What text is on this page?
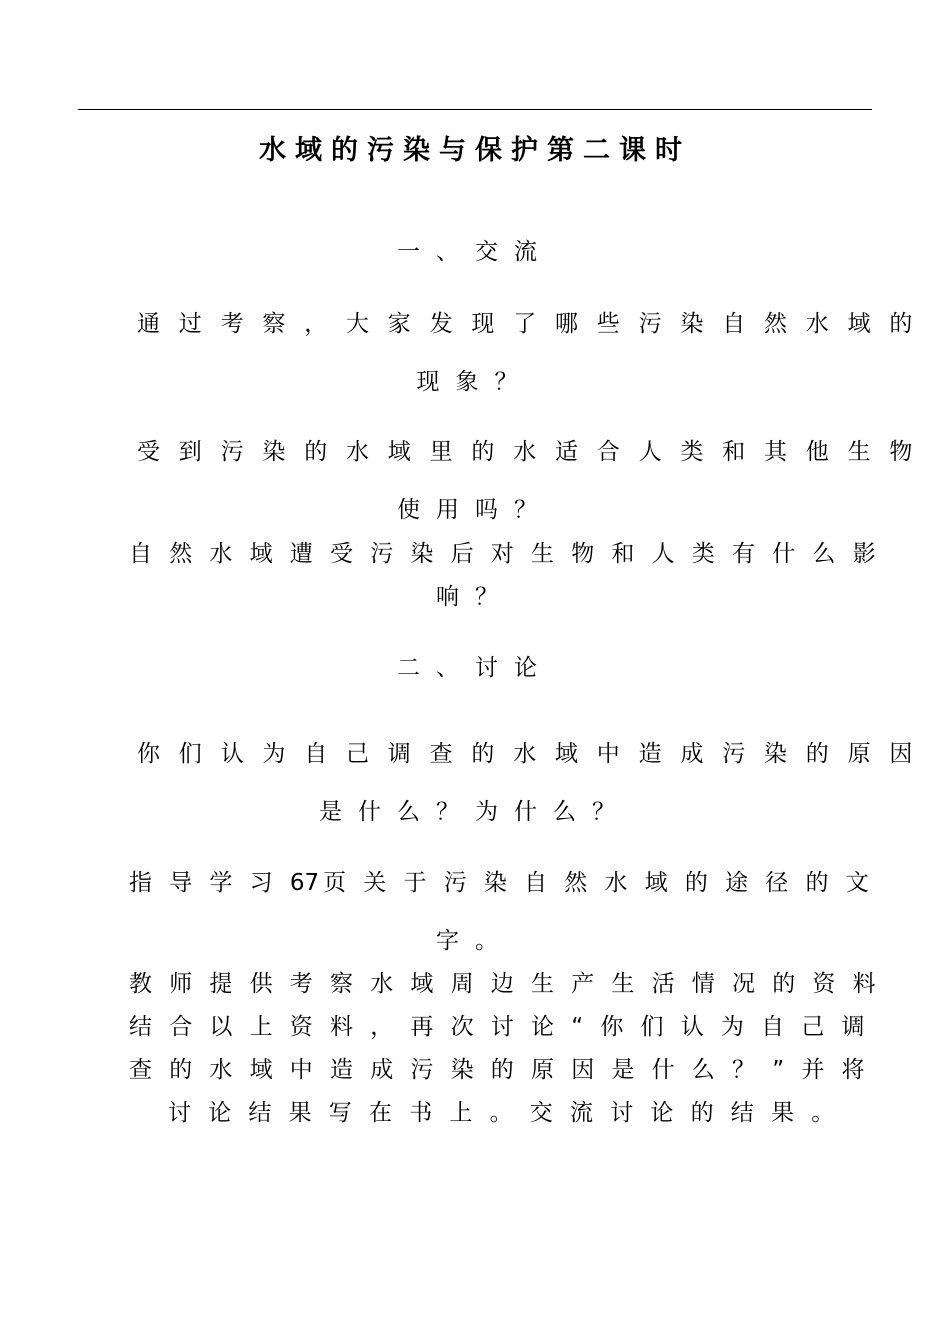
水域的污染与保护第二课时
一、交流
通过考察，大家发现了哪些污染自然水域的
现象？
受到污染的水域里的水适合人类和其他生物
使用吗？
自然水域遭受污染后对生物和人类有什么影
响？
二、讨论
你们认为自己调查的水域中造成污染的原因
是什么？为什么？
指导学习67 页关于污染自然水域的途径的文
字。
教师提供考察水域周边生产生活情况的资料
结合以上资料，再次讨论“你们认为自己调
查的水域中造成污染的原因是什么？”并将
讨论结果写在书上。交流讨论的结果。
